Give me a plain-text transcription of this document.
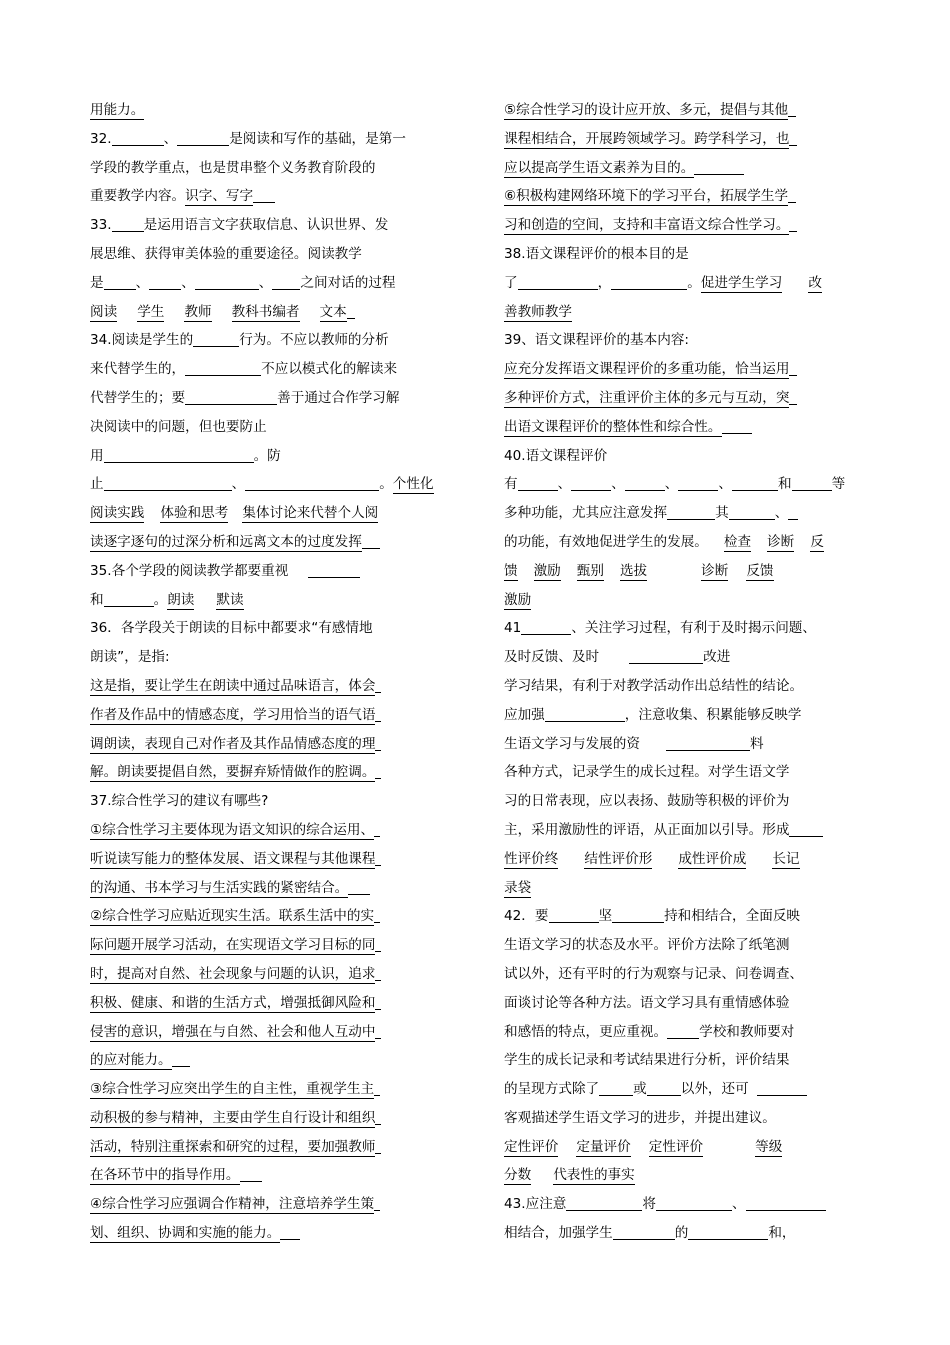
用能力。
32.	、	是阅读和写作的基础，是第一
学段的教学重点，也是贯串整个义务教育阶段的
重要教学内容。识字、写字
33. 是运用语言文字获取信息、认识世界、发
展思维、获得审美体验的重要途径。阅读教学
是 、 、	、 之间对话的过程
阅读 学生 教师 教科书编者 文本
34.阅读是学生的	行为。不应以教师的分析
来代替学生的，	不应以模式化的解读来
代替学生的；要	善于通过合作学习解
决阅读中的问题，但也要防止
用	。防
止	、	。个性化
阅读实践 体验和思考 集体讨论来代替个人阅
读逐字逐句的过深分析和远离文本的过度发挥
35.各个学段的阅读教学都要重视
和	。朗读 默读
36．各学段关于朗读的目标中都要求“有感情地
朗读”，是指:
这是指，要让学生在朗读中通过品味语言，体会
作者及作品中的情感态度，学习用恰当的语气语
调朗读，表现自己对作者及其作品情感态度的理
解。朗读要提倡自然，要摒弃矫情做作的腔调。
37.综合性学习的建议有哪些?
①综合性学习主要体现为语文知识的综合运用、
听说读写能力的整体发展、语文课程与其他课程
的沟通、书本学习与生活实践的紧密结合。
②综合性学习应贴近现实生活。联系生活中的实
际问题开展学习活动，在实现语文学习目标的同
时，提高对自然、社会现象与问题的认识，追求
积极、健康、和谐的生活方式，增强抵御风险和
侵害的意识，增强在与自然、社会和他人互动中
的应对能力。
③综合性学习应突出学生的自主性，重视学生主
动积极的参与精神，主要由学生自行设计和组织
活动，特别注重探索和研究的过程，要加强教师
在各环节中的指导作用。
④综合性学习应强调合作精神，注意培养学生策
划、组织、协调和实施的能力。
⑤综合性学习的设计应开放、多元，提倡与其他
课程相结合，开展跨领域学习。跨学科学习，也
应以提高学生语文素养为目的。
⑥积极构建网络环境下的学习平台，拓展学生学
习和创造的空间，支持和丰富语文综合性学习。
38.语文课程评价的根本目的是
了	，	。促进学生学习 改
善教师教学
39、语文课程评价的基本内容:
应充分发挥语文课程评价的多重功能，恰当运用
多种评价方式，注重评价主体的多元与互动，突
出语文课程评价的整体性和综合性。
40.语文课程评价
有	、	、	、	、	和	等
多种功能，尤其应注意发挥	其	、
的功能，有效地促进学生的发展。 检查 诊断 反
馈 激励 甄别 选拔	诊断 反馈
激励
41	、关注学习过程，有利于及时揭示问题、
及时反馈、及时	改进
学习结果，有利于对教学活动作出总结性的结论。
应加强	，注意收集、积累能够反映学
生语文学习与发展的资	料
各种方式，记录学生的成长过程。对学生语文学
习的日常表现，应以表扬、鼓励等积极的评价为
主，采用激励性的评语，从正面加以引导。形成
性评价终 结性评价形 成性评价成 长记
录袋
42．要	坚	持和相结合，全面反映
生语文学习的状态及水平。评价方法除了纸笔测
试以外，还有平时的行为观察与记录、问卷调查、
面谈讨论等各种方法。语文学习具有重情感体验
和感悟的特点，更应重视。 学校和教师要对
学生的成长记录和考试结果进行分析，评价结果
的呈现方式除了	或	以外，还可
客观描述学生语文学习的进步，并提出建议。
定性评价 定量评价 定性评价	等级
分数 代表性的事实
43.应注意	将	、
相结合，加强学生	的	和，
